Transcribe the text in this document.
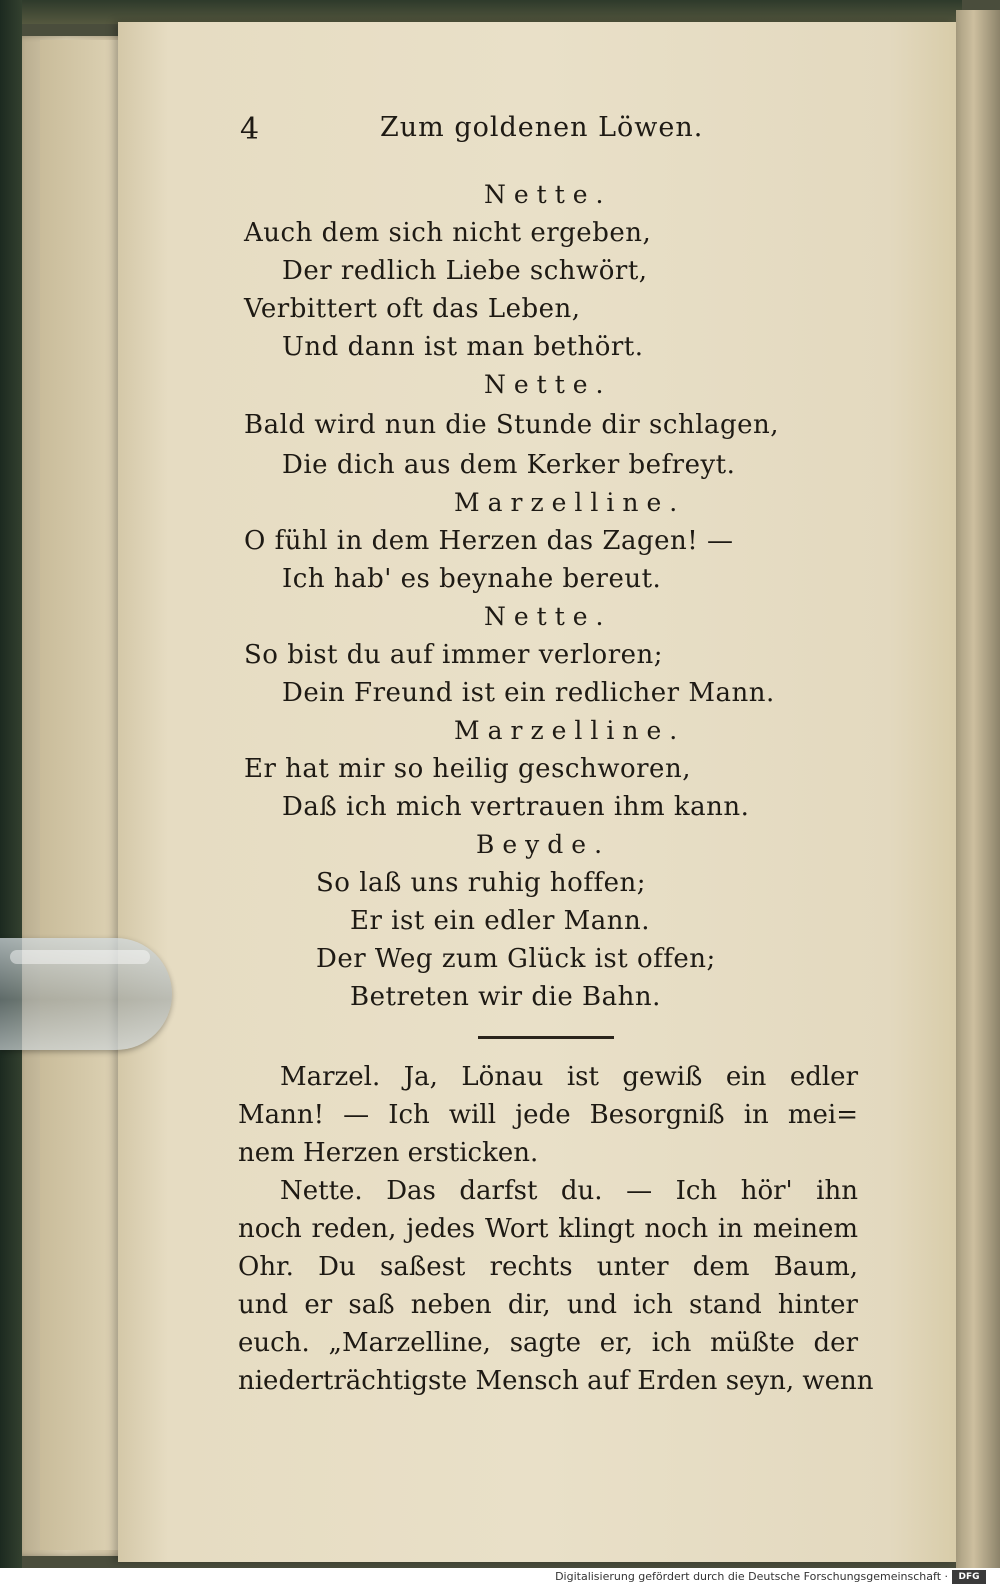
4	Zum goldenen Löwen.
Nette.
Auch dem sich nicht ergeben,
Der redlich Liebe schwört,
Verbittert oft das Leben,
Und dann ist man bethört.
Nette.
Bald wird nun die Stunde dir schlagen,
Die dich aus dem Kerker befreyt.
Marzelline.
O fühl in dem Herzen das Zagen! —
Ich hab' es beynahe bereut.
Nette.
So bist du auf immer verloren;
Dein Freund ist ein redlicher Mann.
Marzelline.
Er hat mir so heilig geschworen,
Daß ich mich vertrauen ihm kann.
Beyde.
So laß uns ruhig hoffen;
Er ist ein edler Mann.
Der Weg zum Glück ist offen;
Betreten wir die Bahn.
Marzel. Ja, Lönau ist gewiß ein edler
Mann! — Ich will jede Besorgniß in mei=
nem Herzen ersticken.
Nette. Das darfst du. — Ich hör' ihn
noch reden, jedes Wort klingt noch in meinem
Ohr. Du saßest rechts unter dem Baum,
und er saß neben dir, und ich stand hinter
euch. „Marzelline, sagte er, ich müßte der
niederträchtigste Mensch auf Erden seyn, wenn
Digitalisierung gefördert durch die Deutsche Forschungsgemeinschaft ·	DFG
